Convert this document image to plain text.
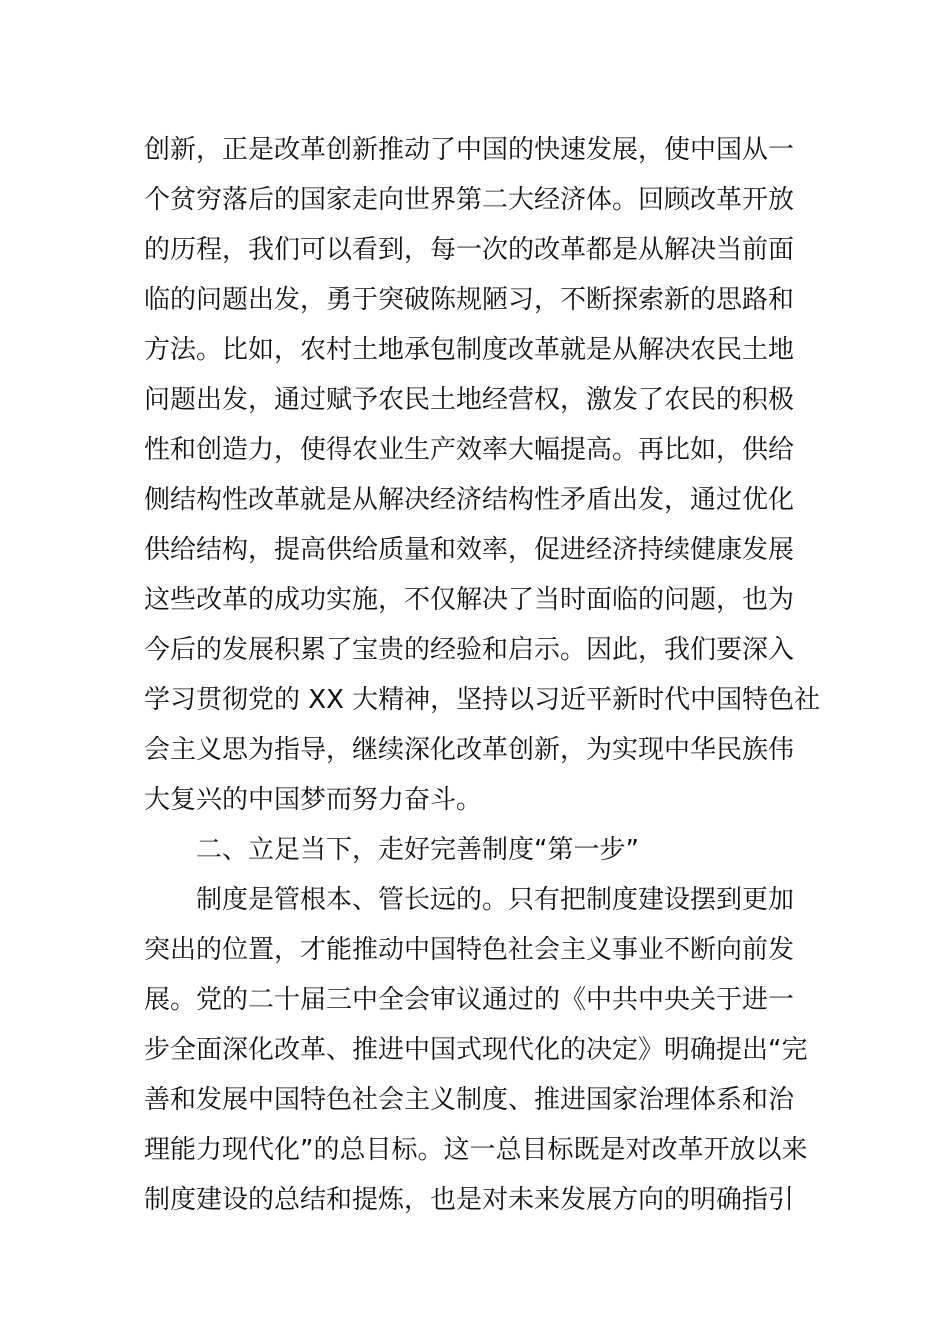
创新，正是改革创新推动了中国的快速发展，使中国从一
个贫穷落后的国家走向世界第二大经济体。回顾改革开放
的历程，我们可以看到，每一次的改革都是从解决当前面
临的问题出发，勇于突破陈规陋习，不断探索新的思路和
方法。比如，农村土地承包制度改革就是从解决农民土地
问题出发，通过赋予农民土地经营权，激发了农民的积极
性和创造力，使得农业生产效率大幅提高。再比如，供给
侧结构性改革就是从解决经济结构性矛盾出发，通过优化
供给结构，提高供给质量和效率，促进经济持续健康发展
这些改革的成功实施，不仅解决了当时面临的问题，也为
今后的发展积累了宝贵的经验和启示。因此，我们要深入
学习贯彻党的 XX 大精神，坚持以习近平新时代中国特色社
会主义思为指导，继续深化改革创新，为实现中华民族伟
大复兴的中国梦而努力奋斗。
二、立足当下，走好完善制度“第一步”
制度是管根本、管长远的。只有把制度建设摆到更加
突出的位置，才能推动中国特色社会主义事业不断向前发
展。党的二十届三中全会审议通过的《中共中央关于进一
步全面深化改革、推进中国式现代化的决定》明确提出“完
善和发展中国特色社会主义制度、推进国家治理体系和治
理能力现代化”的总目标。这一总目标既是对改革开放以来
制度建设的总结和提炼，也是对未来发展方向的明确指引
